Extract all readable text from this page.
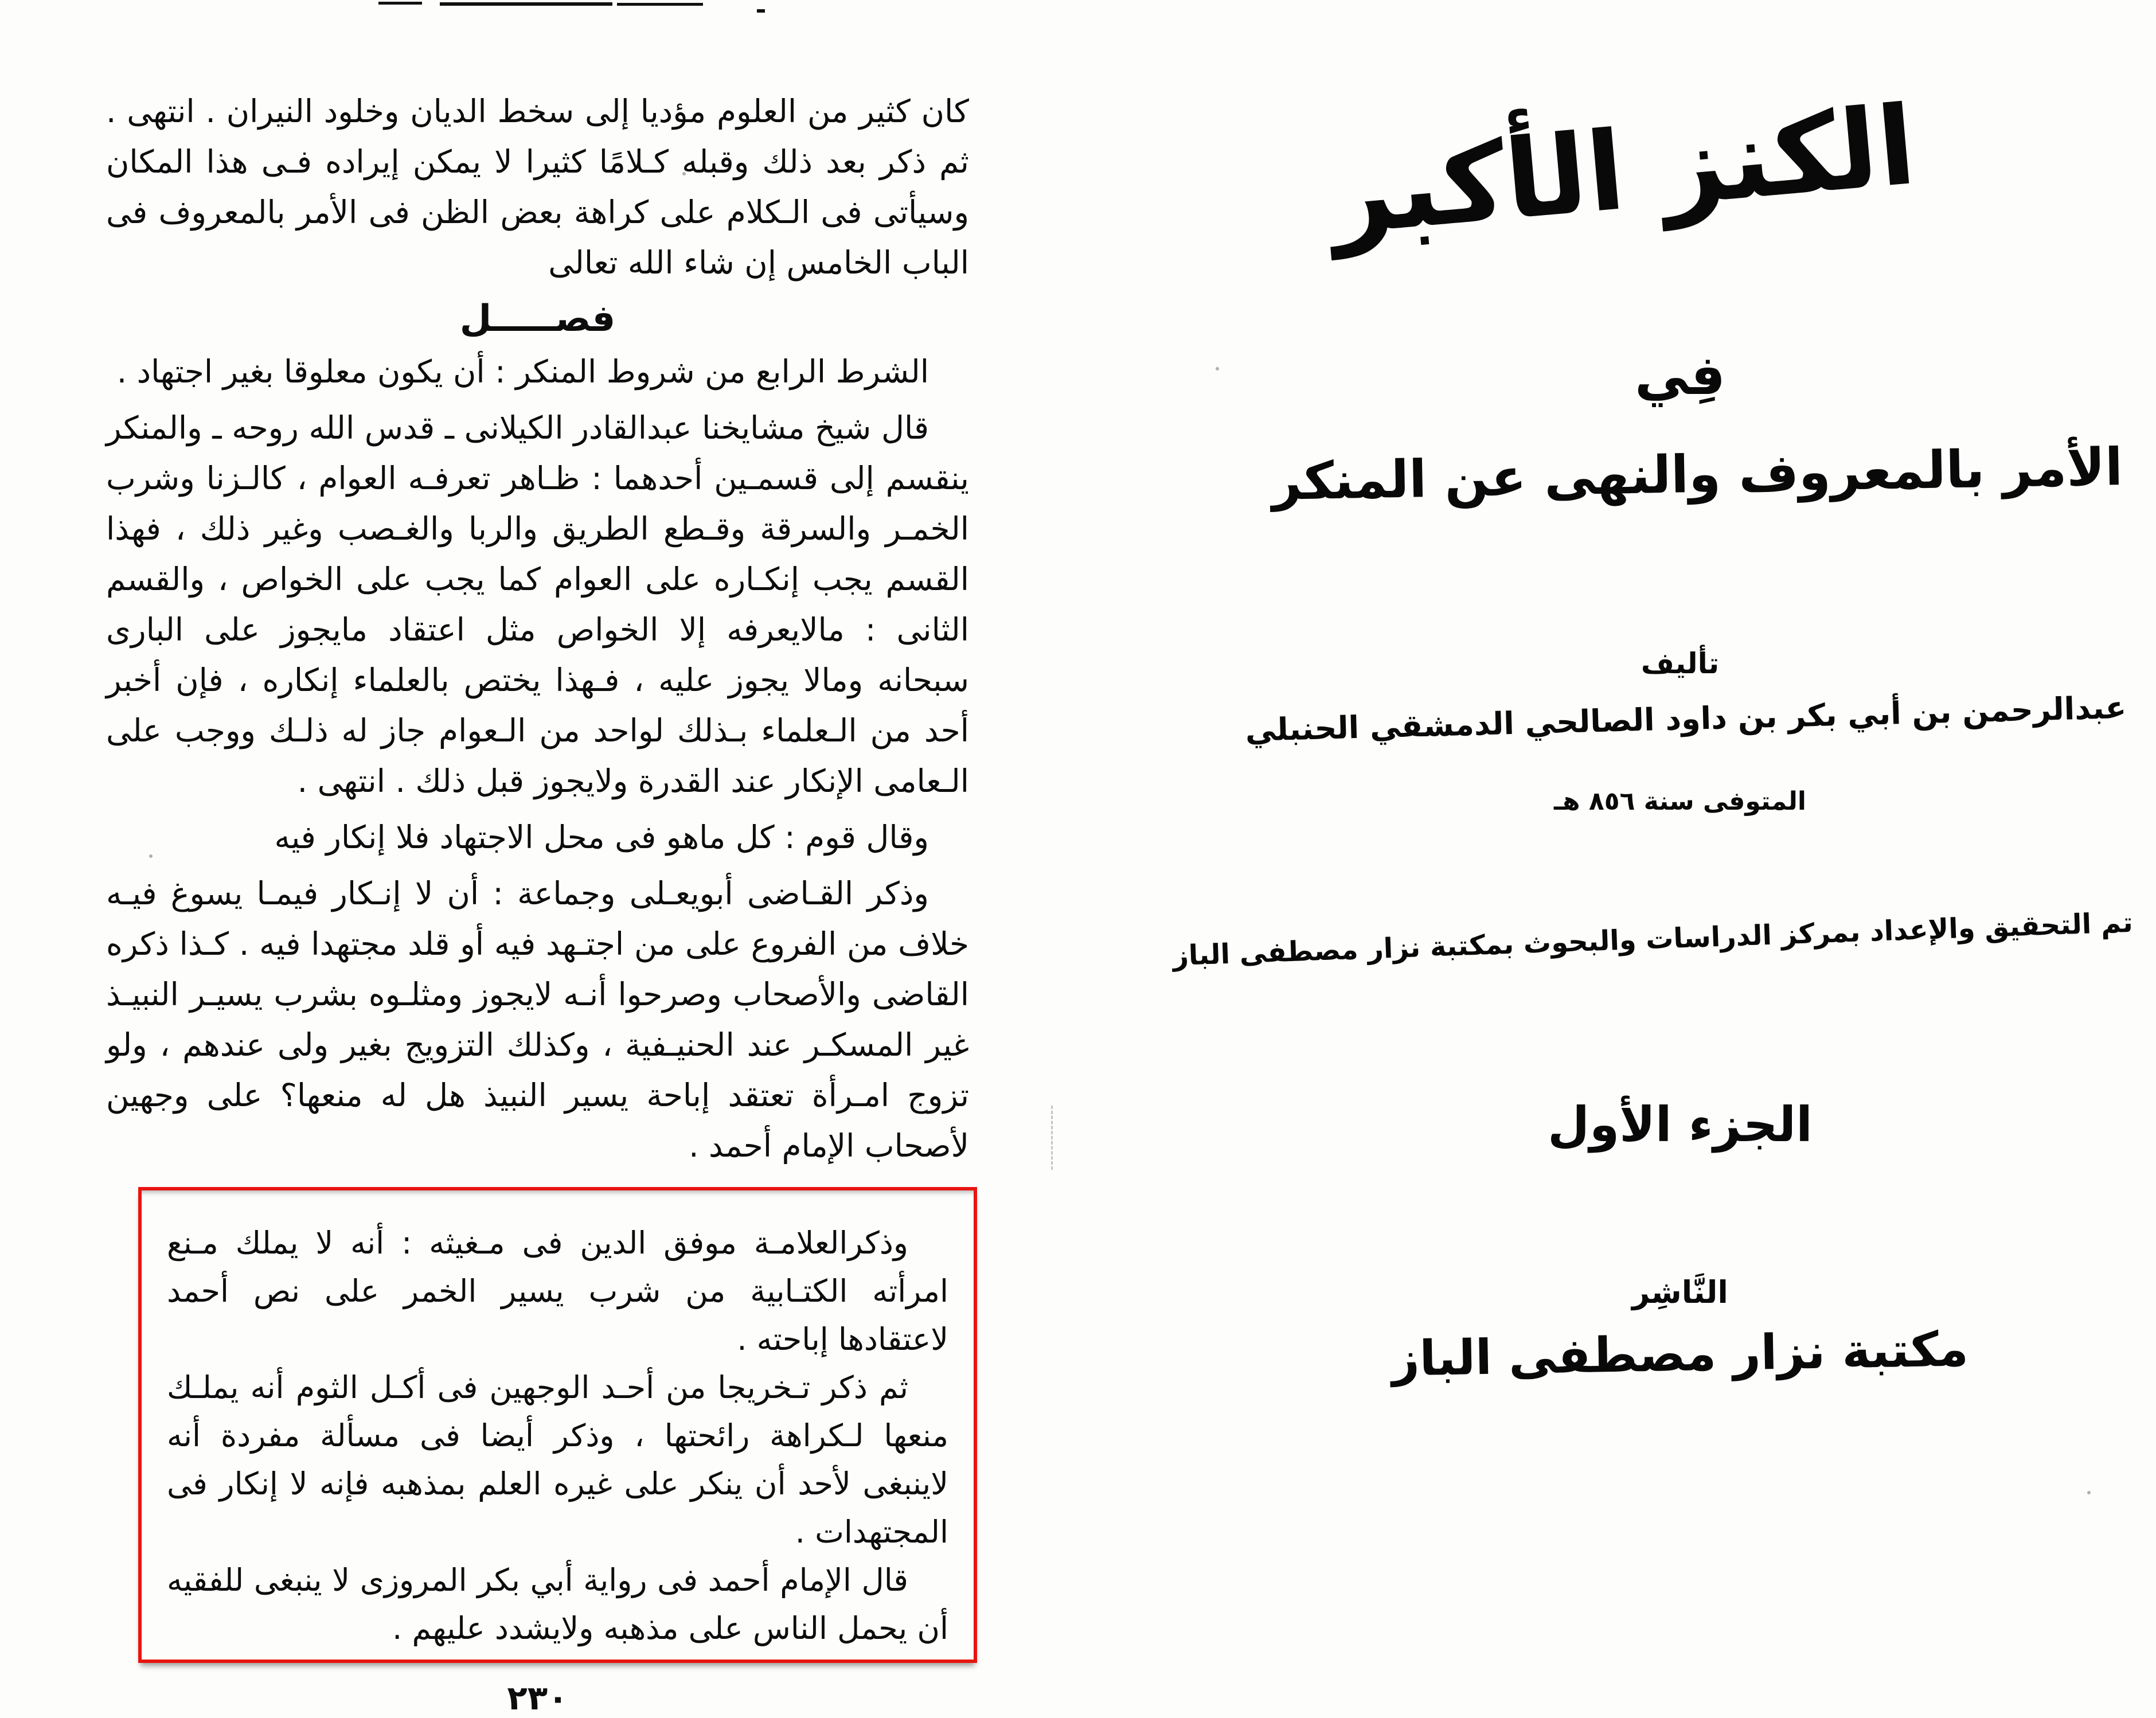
كان كثير من العلوم مؤديا إلى سخط الديان وخلود النيران . انتهى . ثم ذكر بعد ذلك وقبله كـلامًا كثيرا لا يمكن إيراده فـى هذا المكان وسيأتى فى الـكلام على كراهة بعض الظن فى الأمر بالمعروف فى الباب الخامس إن شاء الله تعالى

فصـــــل

الشرط الرابع من شروط المنكر : أن يكون معلوقا بغير اجتهاد .

قال شيخ مشايخنا عبدالقادر الكيلانى ـ قدس الله روحه ـ والمنكر ينقسم إلى قسمـين أحدهما : ظـاهر تعرفـه العوام ، كالـزنا وشرب الخمـر والسرقة وقـطع الطريق والربا والغـصب وغير ذلك ، فهذا القسم يجب إنكـاره على العوام كما يجب على الخواص ، والقسم الثانى : مالايعرفه إلا الخواص مثل اعتقاد مايجوز على البارى سبحانه ومالا يجوز عليه ، فـهذا يختص بالعلماء إنكاره ، فإن أخبر أحد من الـعلماء بـذلك لواحد من الـعوام جاز له ذلـك ووجب على الـعامى الإنكار عند القدرة ولايجوز قبل ذلك . انتهى .

وقال قوم : كل ماهو فى محل الاجتهاد فلا إنكار فيه

وذكر القـاضى أبويعـلى وجماعة : أن لا إنـكار فيمـا يسوغ فيـه خلاف من الفروع على من اجتـهد فيه أو قلد مجتهدا فيه . كـذا ذكره القاضى والأصحاب وصرحوا أنـه لايجوز ومثلـوه بشرب يسيـر النبيـذ غير المسكـر عند الحنيـفية ، وكذلك التزويج بغير ولى عندهم ، ولو تزوج امـرأة تعتقد إباحة يسير النبيذ هل له منعها؟ على وجهين لأصحاب الإمام أحمد .

وذكرالعلامـة موفق الدين فى مـغيثه : أنه لا يملك مـنع امرأته الكتـابية من شرب يسير الخمر على نص أحمد لاعتقادها إباحته .

ثم ذكر تـخريجا من أحـد الوجهين فى أكـل الثوم أنه يملـك منعها لـكراهة رائحتها ، وذكر أيضا فى مسألة مفردة أنه لاينبغى لأحد أن ينكر على غيره العلم بمذهبه فإنه لا إنكار فى المجتهدات .

قال الإمام أحمد فى رواية أبي بكر المروزى لا ينبغى للفقيه أن يحمل الناس على مذهبه ولايشدد عليهم .

٢٣٠
الكنز الأكبر
فِي
الأمر بالمعروف والنهى عن المنكر
تأليف
عبدالرحمن بن أبي بكر بن داود الصالحي الدمشقي الحنبلي
المتوفى سنة ٨٥٦ هـ
تم التحقيق والإعداد بمركز الدراسات والبحوث بمكتبة نزار مصطفى الباز
الجزء الأول
النَّاشِر
مكتبة نزار مصطفى الباز
